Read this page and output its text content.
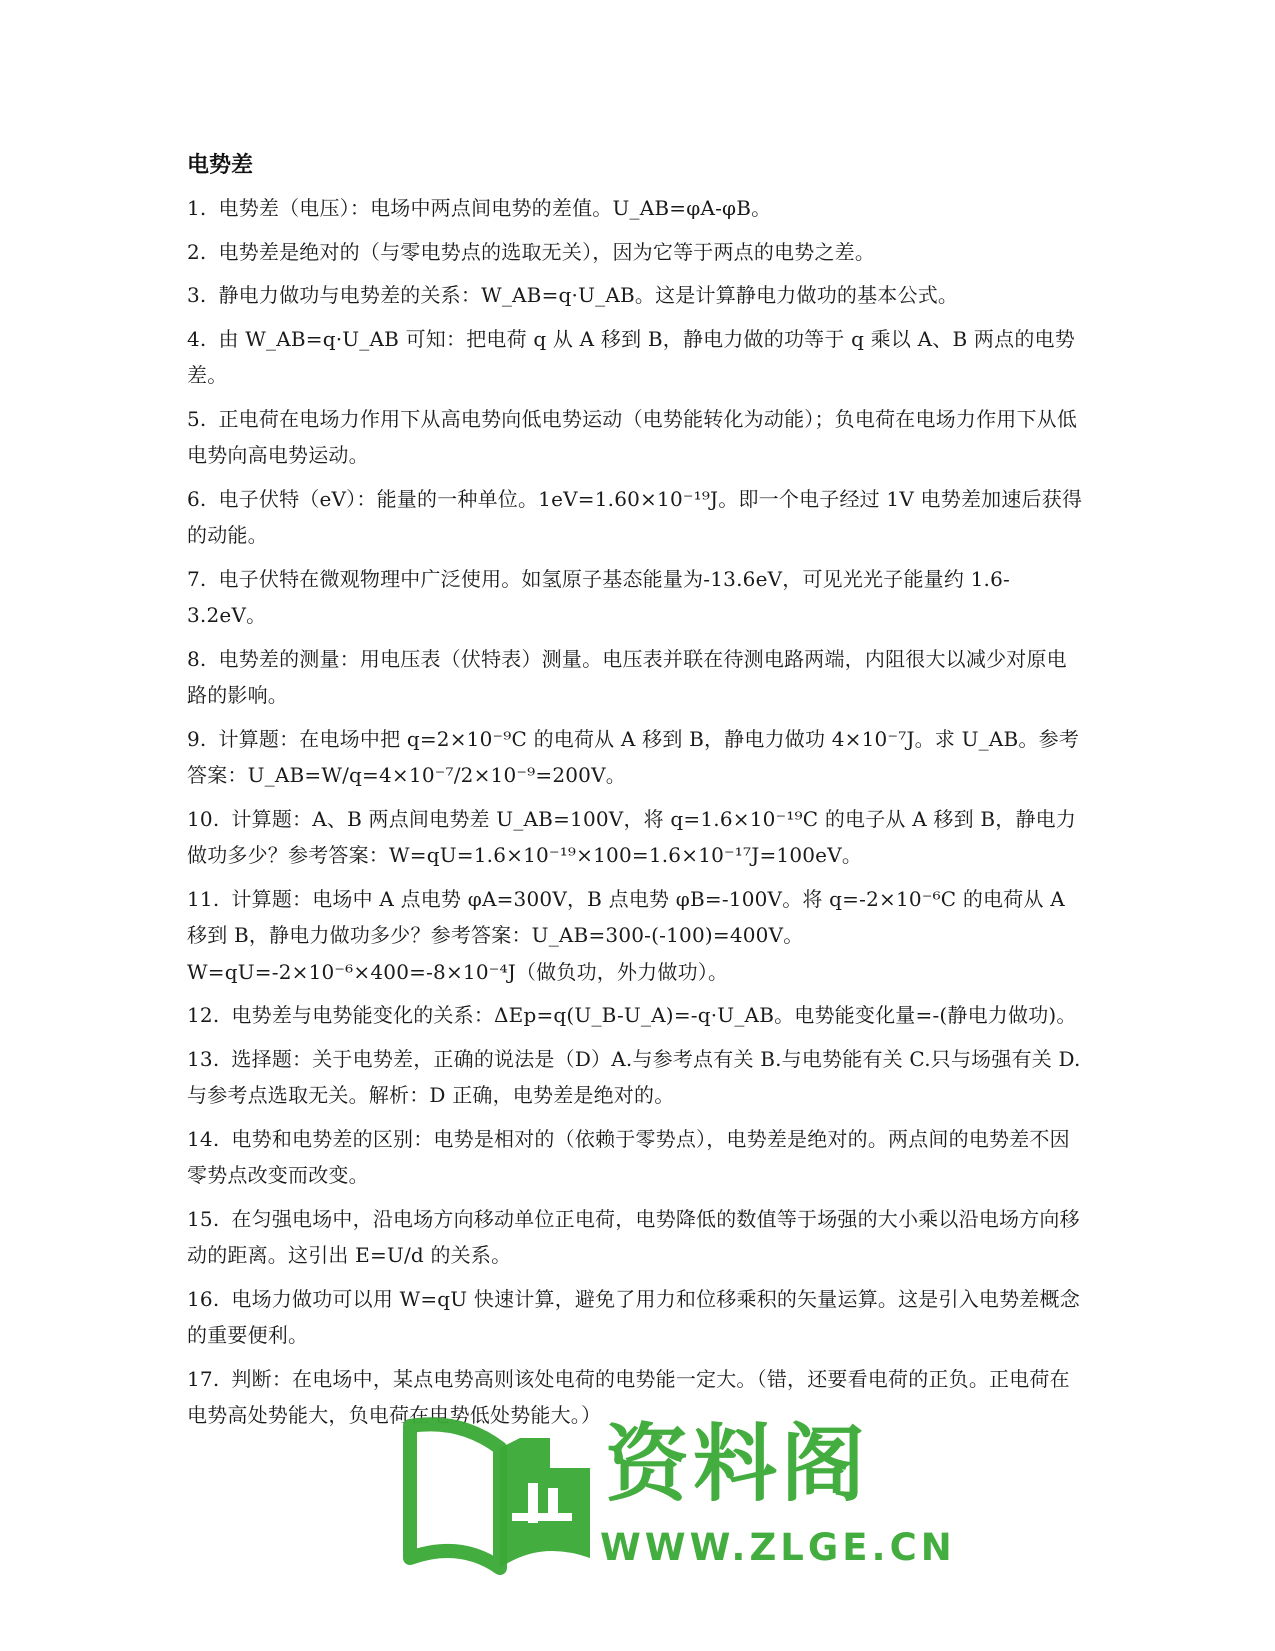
电势差
1. 电势差（电压）：电场中两点间电势的差值。U_AB=φA-φB。
2. 电势差是绝对的（与零电势点的选取无关），因为它等于两点的电势之差。
3. 静电力做功与电势差的关系：W_AB=q·U_AB。这是计算静电力做功的基本公式。
4. 由 W_AB=q·U_AB 可知：把电荷 q 从 A 移到 B，静电力做的功等于 q 乘以 A、B 两点的电势差。
5. 正电荷在电场力作用下从高电势向低电势运动（电势能转化为动能）；负电荷在电场力作用下从低电势向高电势运动。
6. 电子伏特（eV）：能量的一种单位。1eV=1.60×10⁻¹⁹J。即一个电子经过 1V 电势差加速后获得的动能。
7. 电子伏特在微观物理中广泛使用。如氢原子基态能量为-13.6eV，可见光光子能量约 1.6-3.2eV。
8. 电势差的测量：用电压表（伏特表）测量。电压表并联在待测电路两端，内阻很大以减少对原电路的影响。
9. 计算题：在电场中把 q=2×10⁻⁹C 的电荷从 A 移到 B，静电力做功 4×10⁻⁷J。求 U_AB。参考答案：U_AB=W/q=4×10⁻⁷/2×10⁻⁹=200V。
10. 计算题：A、B 两点间电势差 U_AB=100V，将 q=1.6×10⁻¹⁹C 的电子从 A 移到 B，静电力做功多少？参考答案：W=qU=1.6×10⁻¹⁹×100=1.6×10⁻¹⁷J=100eV。
11. 计算题：电场中 A 点电势 φA=300V，B 点电势 φB=-100V。将 q=-2×10⁻⁶C 的电荷从 A 移到 B，静电力做功多少？参考答案：U_AB=300-(-100)=400V。W=qU=-2×10⁻⁶×400=-8×10⁻⁴J（做负功，外力做功）。
12. 电势差与电势能变化的关系：ΔEp=q(U_B-U_A)=-q·U_AB。电势能变化量=-(静电力做功)。
13. 选择题：关于电势差，正确的说法是（D）A.与参考点有关 B.与电势能有关 C.只与场强有关 D.与参考点选取无关。解析：D 正确，电势差是绝对的。
14. 电势和电势差的区别：电势是相对的（依赖于零势点），电势差是绝对的。两点间的电势差不因零势点改变而改变。
15. 在匀强电场中，沿电场方向移动单位正电荷，电势降低的数值等于场强的大小乘以沿电场方向移动的距离。这引出 E=U/d 的关系。
16. 电场力做功可以用 W=qU 快速计算，避免了用力和位移乘积的矢量运算。这是引入电势差概念的重要便利。
17. 判断：在电场中，某点电势高则该处电荷的电势能一定大。（错，还要看电荷的正负。正电荷在电势高处势能大，负电荷在电势低处势能大。） 资料阁
WWW.ZLGE.CN
